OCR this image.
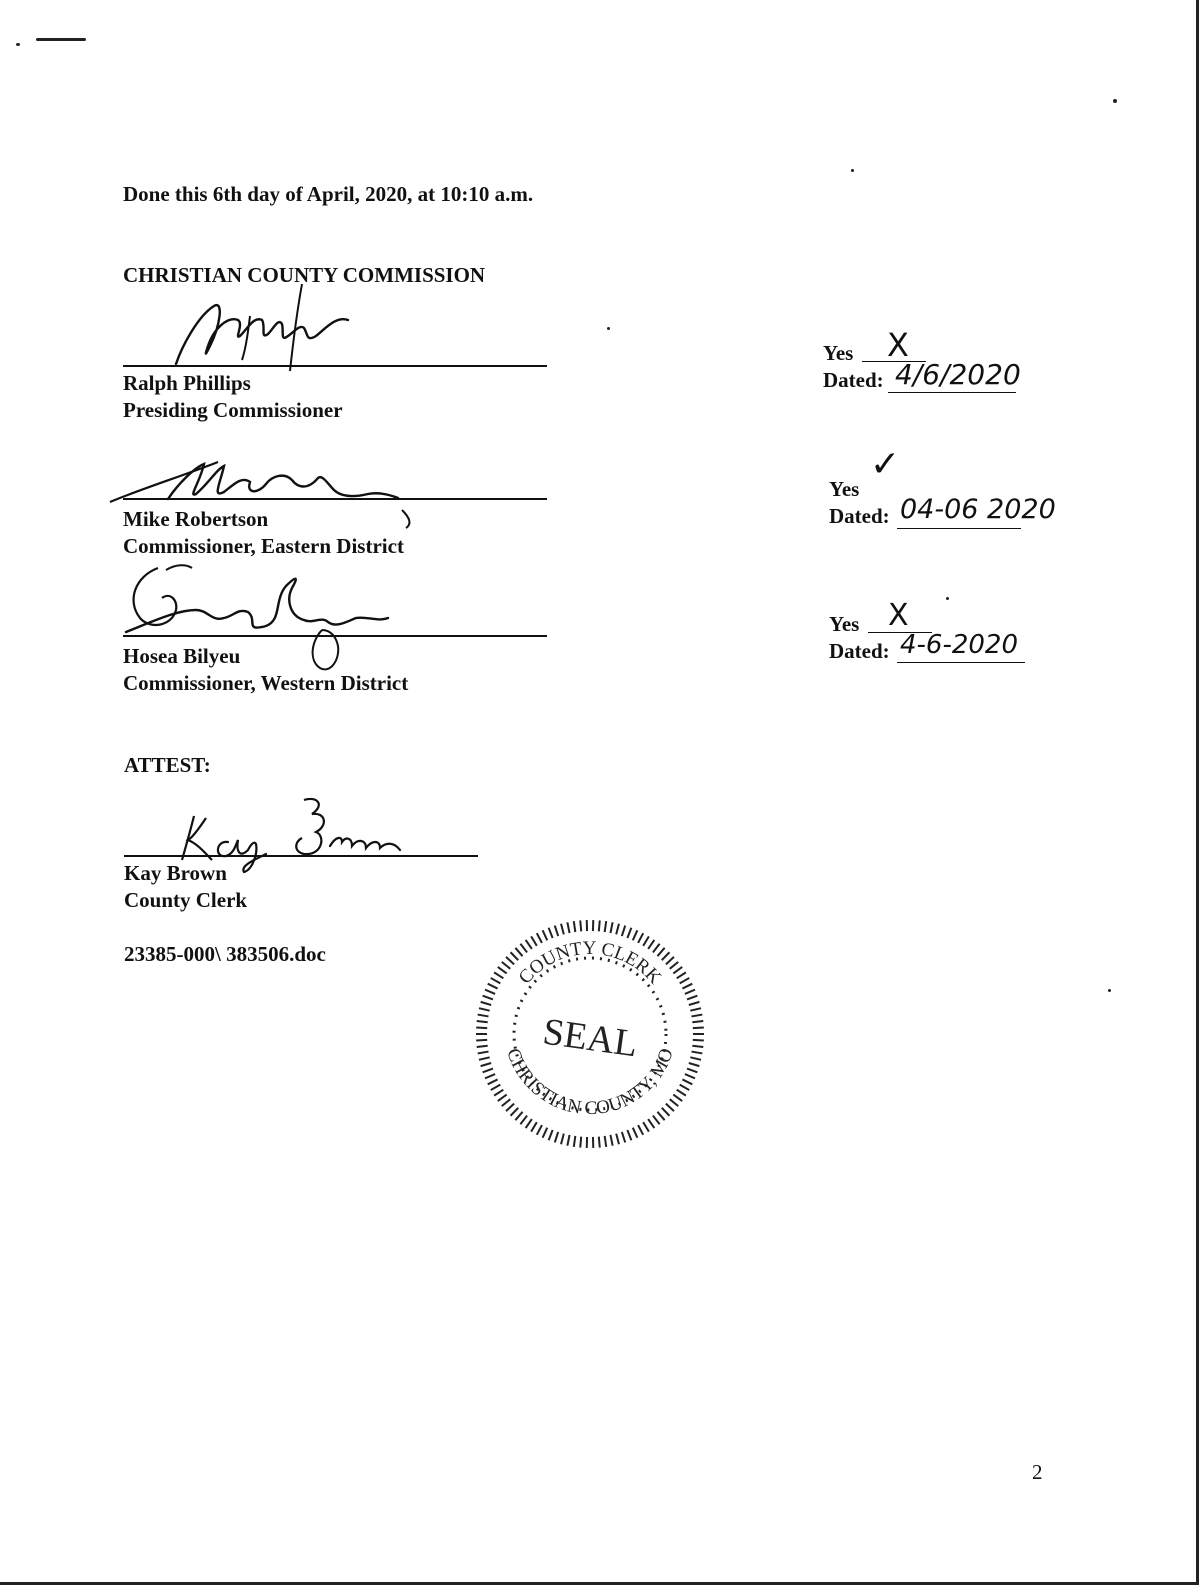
Done this 6th day of April, 2020, at 10:10 a.m.
CHRISTIAN COUNTY COMMISSION
Ralph Phillips
Presiding Commissioner
Yes X
Dated: 4/6/2020
Mike Robertson
Commissioner, Eastern District
Yes
✓
Dated: 04-06 2020
Hosea Bilyeu
Commissioner, Western District
Yes X
Dated: 4-6-2020
ATTEST:
Kay Brown
County Clerk
23385-000\ 383506.doc
COUNTY CLERK
CHRISTIAN COUNTY, MO
SEAL
2
